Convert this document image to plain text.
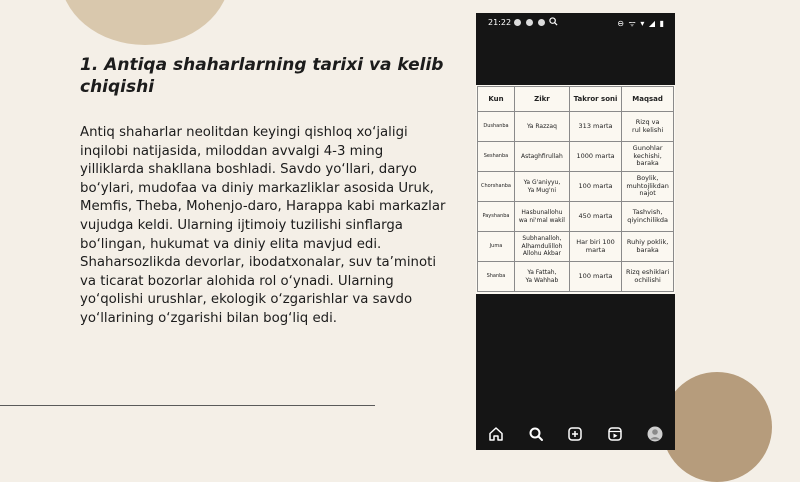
1. Antiqa shaharlarning tarixi va kelib chiqishi

Antiq shaharlar neolitdan keyingi qishloq xo‘jaligi inqilobi natijasida, miloddan avvalgi 4-3 ming yilliklarda shakllana boshladi. Savdo yo‘llari, daryo bo‘ylari, mudofaa va diniy markazliklar asosida Uruk, Memfis, Theba, Mohenjo-daro, Harappa kabi markazlar vujudga keldi. Ularning ijtimoiy tuzilishi sinflarga bo‘lingan, hukumat va diniy elita mavjud edi. Shaharsozlikda devorlar, ibodatxonalar, suv ta’minoti va ticarat bozorlar alohida rol o‘ynadi. Ularning yo‘qolishi urushlar, ekologik o‘zgarishlar va savdo yo‘llarining o‘zgarishi bilan bog‘liq edi.

21:22	⊖ ᯤ ▾ ◢ ▮
Kun	Zikr	Takror soni	Maqsad
Dushanba	Ya Razzaq	313 marta	Rizq va
rul kelishi
Seshanba	Astaghfirullah	1000 marta	Gunohlar
kechishi,
baraka
Chorshanba	Ya G'aniyyu,
Ya Mug'ni	100 marta	Boylik,
muhtojlikdan
najot
Payshanba	Hasbunallohu
wa ni'mal wakil	450 marta	Tashvish,
qiyinchilikda
Juma	Subhanalloh,
Alhamdulilloh
Allohu Akbar	Har biri 100
marta	Ruhiy poklik,
baraka
Shanba	Ya Fattah,
Ya Wahhab	100 marta	Rizq eshiklari
ochilishi
